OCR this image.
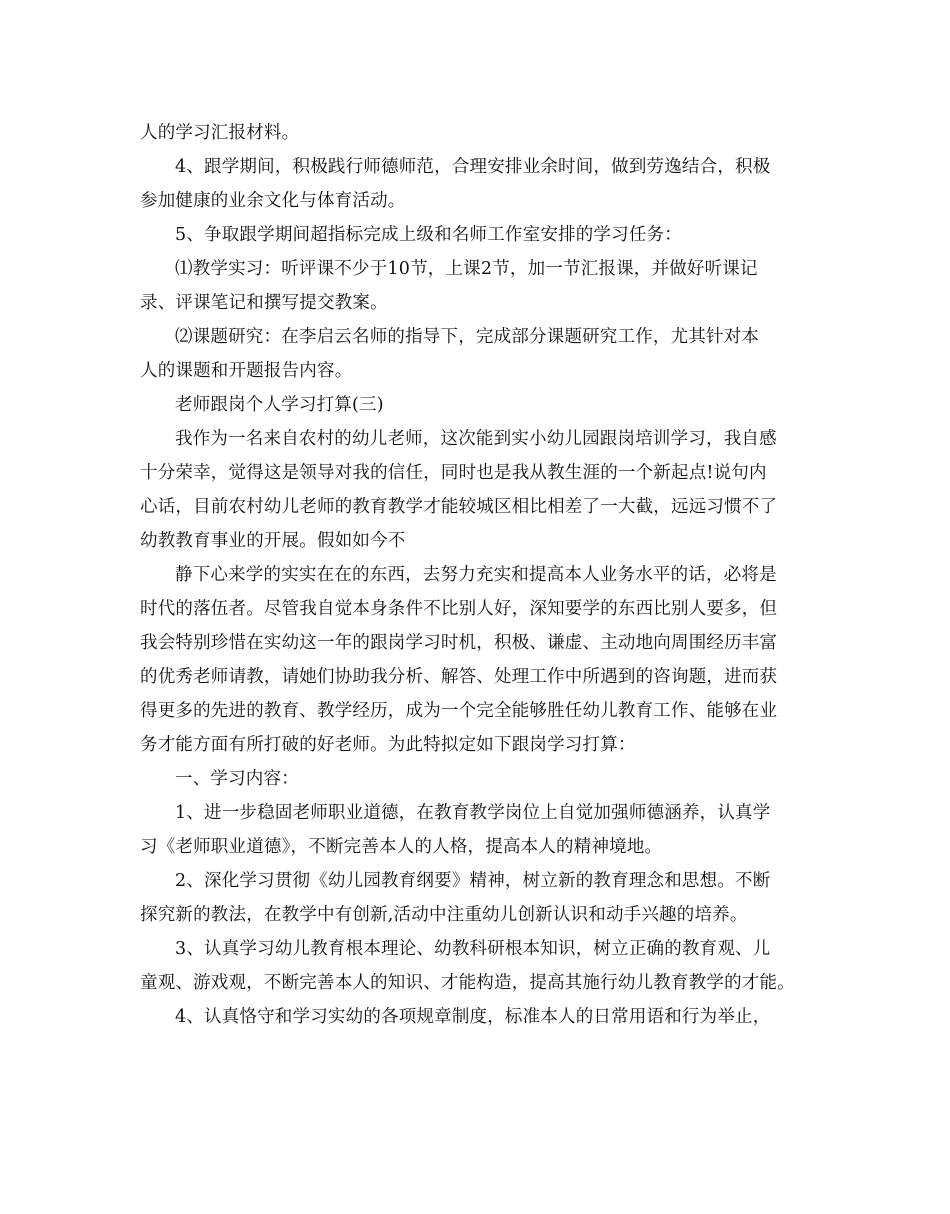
人的学习汇报材料。
4、跟学期间，积极践行师德师范，合理安排业余时间，做到劳逸结合，积极
参加健康的业余文化与体育活动。
5、争取跟学期间超指标完成上级和名师工作室安排的学习任务：
⑴教学实习：听评课不少于10节，上课2节，加一节汇报课，并做好听课记
录、评课笔记和撰写提交教案。
⑵课题研究：在李启云名师的指导下，完成部分课题研究工作，尤其针对本
人的课题和开题报告内容。
老师跟岗个人学习打算(三)
我作为一名来自农村的幼儿老师，这次能到实小幼儿园跟岗培训学习，我自感
十分荣幸，觉得这是领导对我的信任，同时也是我从教生涯的一个新起点!说句内
心话，目前农村幼儿老师的教育教学才能较城区相比相差了一大截，远远习惯不了
幼教教育事业的开展。假如如今不
静下心来学的实实在在的东西，去努力充实和提高本人业务水平的话，必将是
时代的落伍者。尽管我自觉本身条件不比别人好，深知要学的东西比别人要多，但
我会特别珍惜在实幼这一年的跟岗学习时机，积极、谦虚、主动地向周围经历丰富
的优秀老师请教，请她们协助我分析、解答、处理工作中所遇到的咨询题，进而获
得更多的先进的教育、教学经历，成为一个完全能够胜任幼儿教育工作、能够在业
务才能方面有所打破的好老师。为此特拟定如下跟岗学习打算：
一、学习内容：
1、进一步稳固老师职业道德，在教育教学岗位上自觉加强师德涵养，认真学
习《老师职业道德》，不断完善本人的人格，提高本人的精神境地。
2、深化学习贯彻《幼儿园教育纲要》精神，树立新的教育理念和思想。不断
探究新的教法，在教学中有创新,活动中注重幼儿创新认识和动手兴趣的培养。
3、认真学习幼儿教育根本理论、幼教科研根本知识，树立正确的教育观、儿
童观、游戏观，不断完善本人的知识、才能构造，提高其施行幼儿教育教学的才能。
4、认真恪守和学习实幼的各项规章制度，标准本人的日常用语和行为举止，
